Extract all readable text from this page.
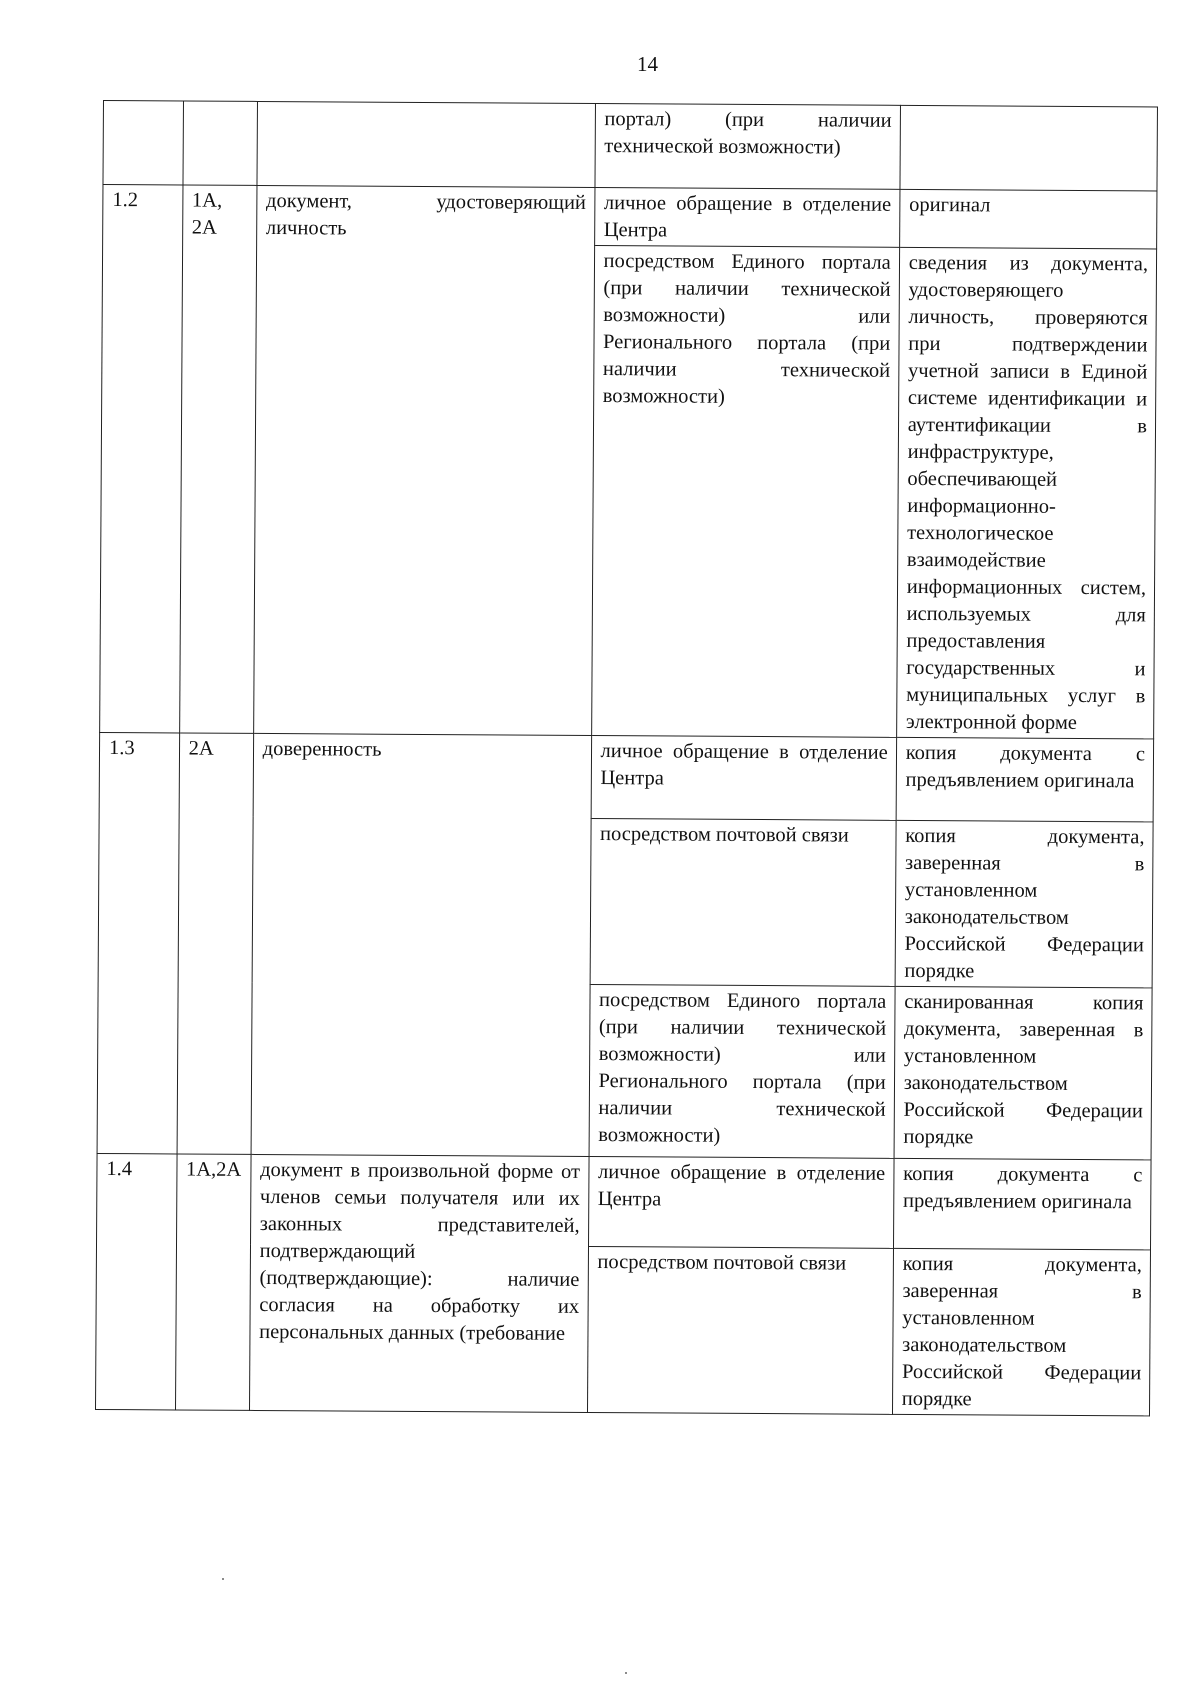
14
			портал) (при наличии технической возможности)	
1.2	1А, 2А	документ, удостоверяющий личность	личное обращение в отделение Центра	оригинал
			посредством Единого портала (при наличии технической возможности) или Регионального портала (при наличии технической возможности)	сведения из документа, удостоверяющего личность, проверяются при подтверждении учетной записи в Единой системе идентификации и аутентификации в инфраструктуре, обеспечивающей информационно-технологическое взаимодействие информационных систем, используемых для предоставления государственных и муниципальных услуг в электронной форме
1.3	2А	доверенность	личное обращение в отделение Центра	копия документа с предъявлением оригинала
			посредством почтовой связи	копия документа, заверенная в установленном законодательством Российской Федерации порядке
			посредством Единого портала (при наличии технической возможности) или Регионального портала (при наличии технической возможности)	сканированная копия документа, заверенная в установленном законодательством Российской Федерации порядке
1.4	1А,2А	документ в произвольной форме от членов семьи получателя или их законных представителей, подтверждающий (подтверждающие): наличие согласия на обработку их персональных данных (требование	личное обращение в отделение Центра	копия документа с предъявлением оригинала
			посредством почтовой связи	копия документа, заверенная в установленном законодательством Российской Федерации порядке
